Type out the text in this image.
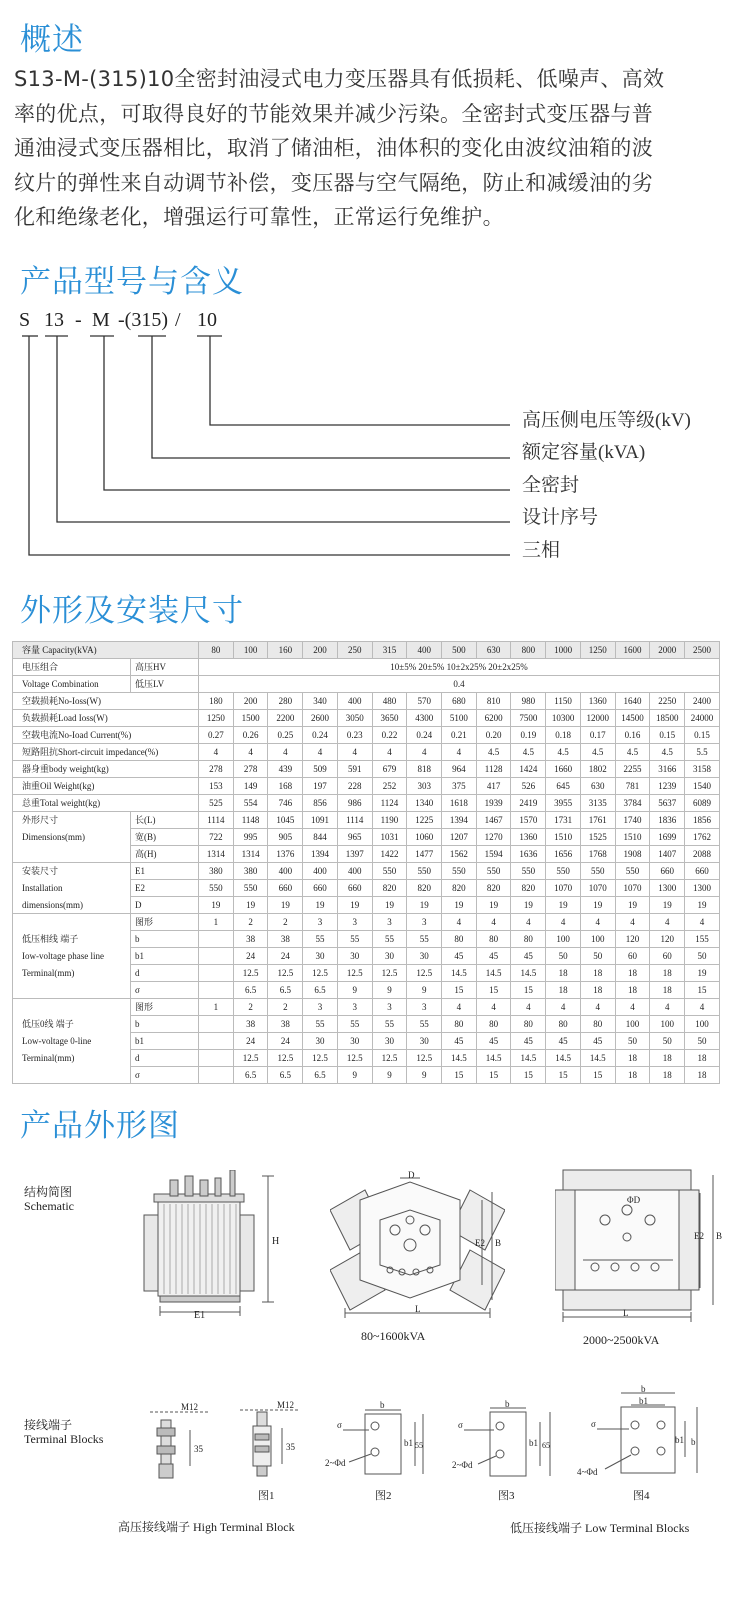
概述

S13-M-(315)10全密封油浸式电力变压器具有低损耗、低噪声、高效
率的优点，可取得良好的节能效果并减少污染。全密封式变压器与普
通油浸式变压器相比，取消了储油柜，油体积的变化由波纹油箱的波
纹片的弹性来自动调节补偿，变压器与空气隔绝，防止和减缓油的劣
化和绝缘老化，增强运行可靠性，正常运行免维护。

产品型号与含义
S 13 - M -(315) / 10
高压侧电压等级(kV)
额定容量(kVA)
全密封
设计序号
三相
外形及安装尺寸
容量 Capacity(kVA)		80	100	160	200	250	315	400	500	630	800	1000	1250	1600	2000	2500
电压组合	高压HV	10±5% 20±5% 10±2x25% 20±2x25%														
Voltage Combination	低压LV	0.4														
空载损耗No-Ioss(W)		180	200	280	340	400	480	570	680	810	980	1150	1360	1640	2250	2400
负载损耗Load Ioss(W)		1250	1500	2200	2600	3050	3650	4300	5100	6200	7500	10300	12000	14500	18500	24000
空载电流No-Ioad Current(%)		0.27	0.26	0.25	0.24	0.23	0.22	0.24	0.21	0.20	0.19	0.18	0.17	0.16	0.15	0.15
短路阻抗Short-circuit impedance(%)		4	4	4	4	4	4	4	4	4.5	4.5	4.5	4.5	4.5	4.5	5.5
器身重body weight(kg)		278	278	439	509	591	679	818	964	1128	1424	1660	1802	2255	3166	3158
油重Oil Weight(kg)		153	149	168	197	228	252	303	375	417	526	645	630	781	1239	1540
总重Total weight(kg)		525	554	746	856	986	1124	1340	1618	1939	2419	3955	3135	3784	5637	6089
外形尺寸	长(L)	1114	1148	1045	1091	1114	1190	1225	1394	1467	1570	1731	1761	1740	1836	1856
Dimensions(mm)	宽(B)	722	995	905	844	965	1031	1060	1207	1270	1360	1510	1525	1510	1699	1762
	高(H)	1314	1314	1376	1394	1397	1422	1477	1562	1594	1636	1656	1768	1908	1407	2088
安装尺寸	E1	380	380	400	400	400	550	550	550	550	550	550	550	550	660	660
Installation	E2	550	550	660	660	660	820	820	820	820	820	1070	1070	1070	1300	1300
dimensions(mm)	D	19	19	19	19	19	19	19	19	19	19	19	19	19	19	19
	图形	1	2	2	3	3	3	3	4	4	4	4	4	4	4	4
低压相线 端子	b		38	38	55	55	55	55	80	80	80	100	100	120	120	155
Iow-voltage phase line	b1		24	24	30	30	30	30	45	45	45	50	50	60	60	50
Terminal(mm)	d		12.5	12.5	12.5	12.5	12.5	12.5	14.5	14.5	14.5	18	18	18	18	19
	σ		6.5	6.5	6.5	9	9	9	15	15	15	18	18	18	18	15
	图形	1	2	2	3	3	3	3	4	4	4	4	4	4	4	4
低压0线 端子	b		38	38	55	55	55	55	80	80	80	80	80	100	100	100
Low-voltage 0-line	b1		24	24	30	30	30	30	45	45	45	45	45	50	50	50
Terminal(mm)	d		12.5	12.5	12.5	12.5	12.5	12.5	14.5	14.5	14.5	14.5	14.5	18	18	18
	σ		6.5	6.5	6.5	9	9	9	15	15	15	15	15	18	18	18
产品外形图
结构简图
Schematic
E1
H
D
E2 B
L
80~1600kVA
ΦD
E2 B
L
2000~2500kVA
接线端子
Terminal Blocks
M12
35
M12
35
图1
b
b1 55
σ
2~Φd
图2
b
b1 65
σ
2~Φd
图3
b
b1
b1 b
σ
4~Φd
图4
高压接线端子 High Terminal Block	低压接线端子 Low Terminal Blocks
